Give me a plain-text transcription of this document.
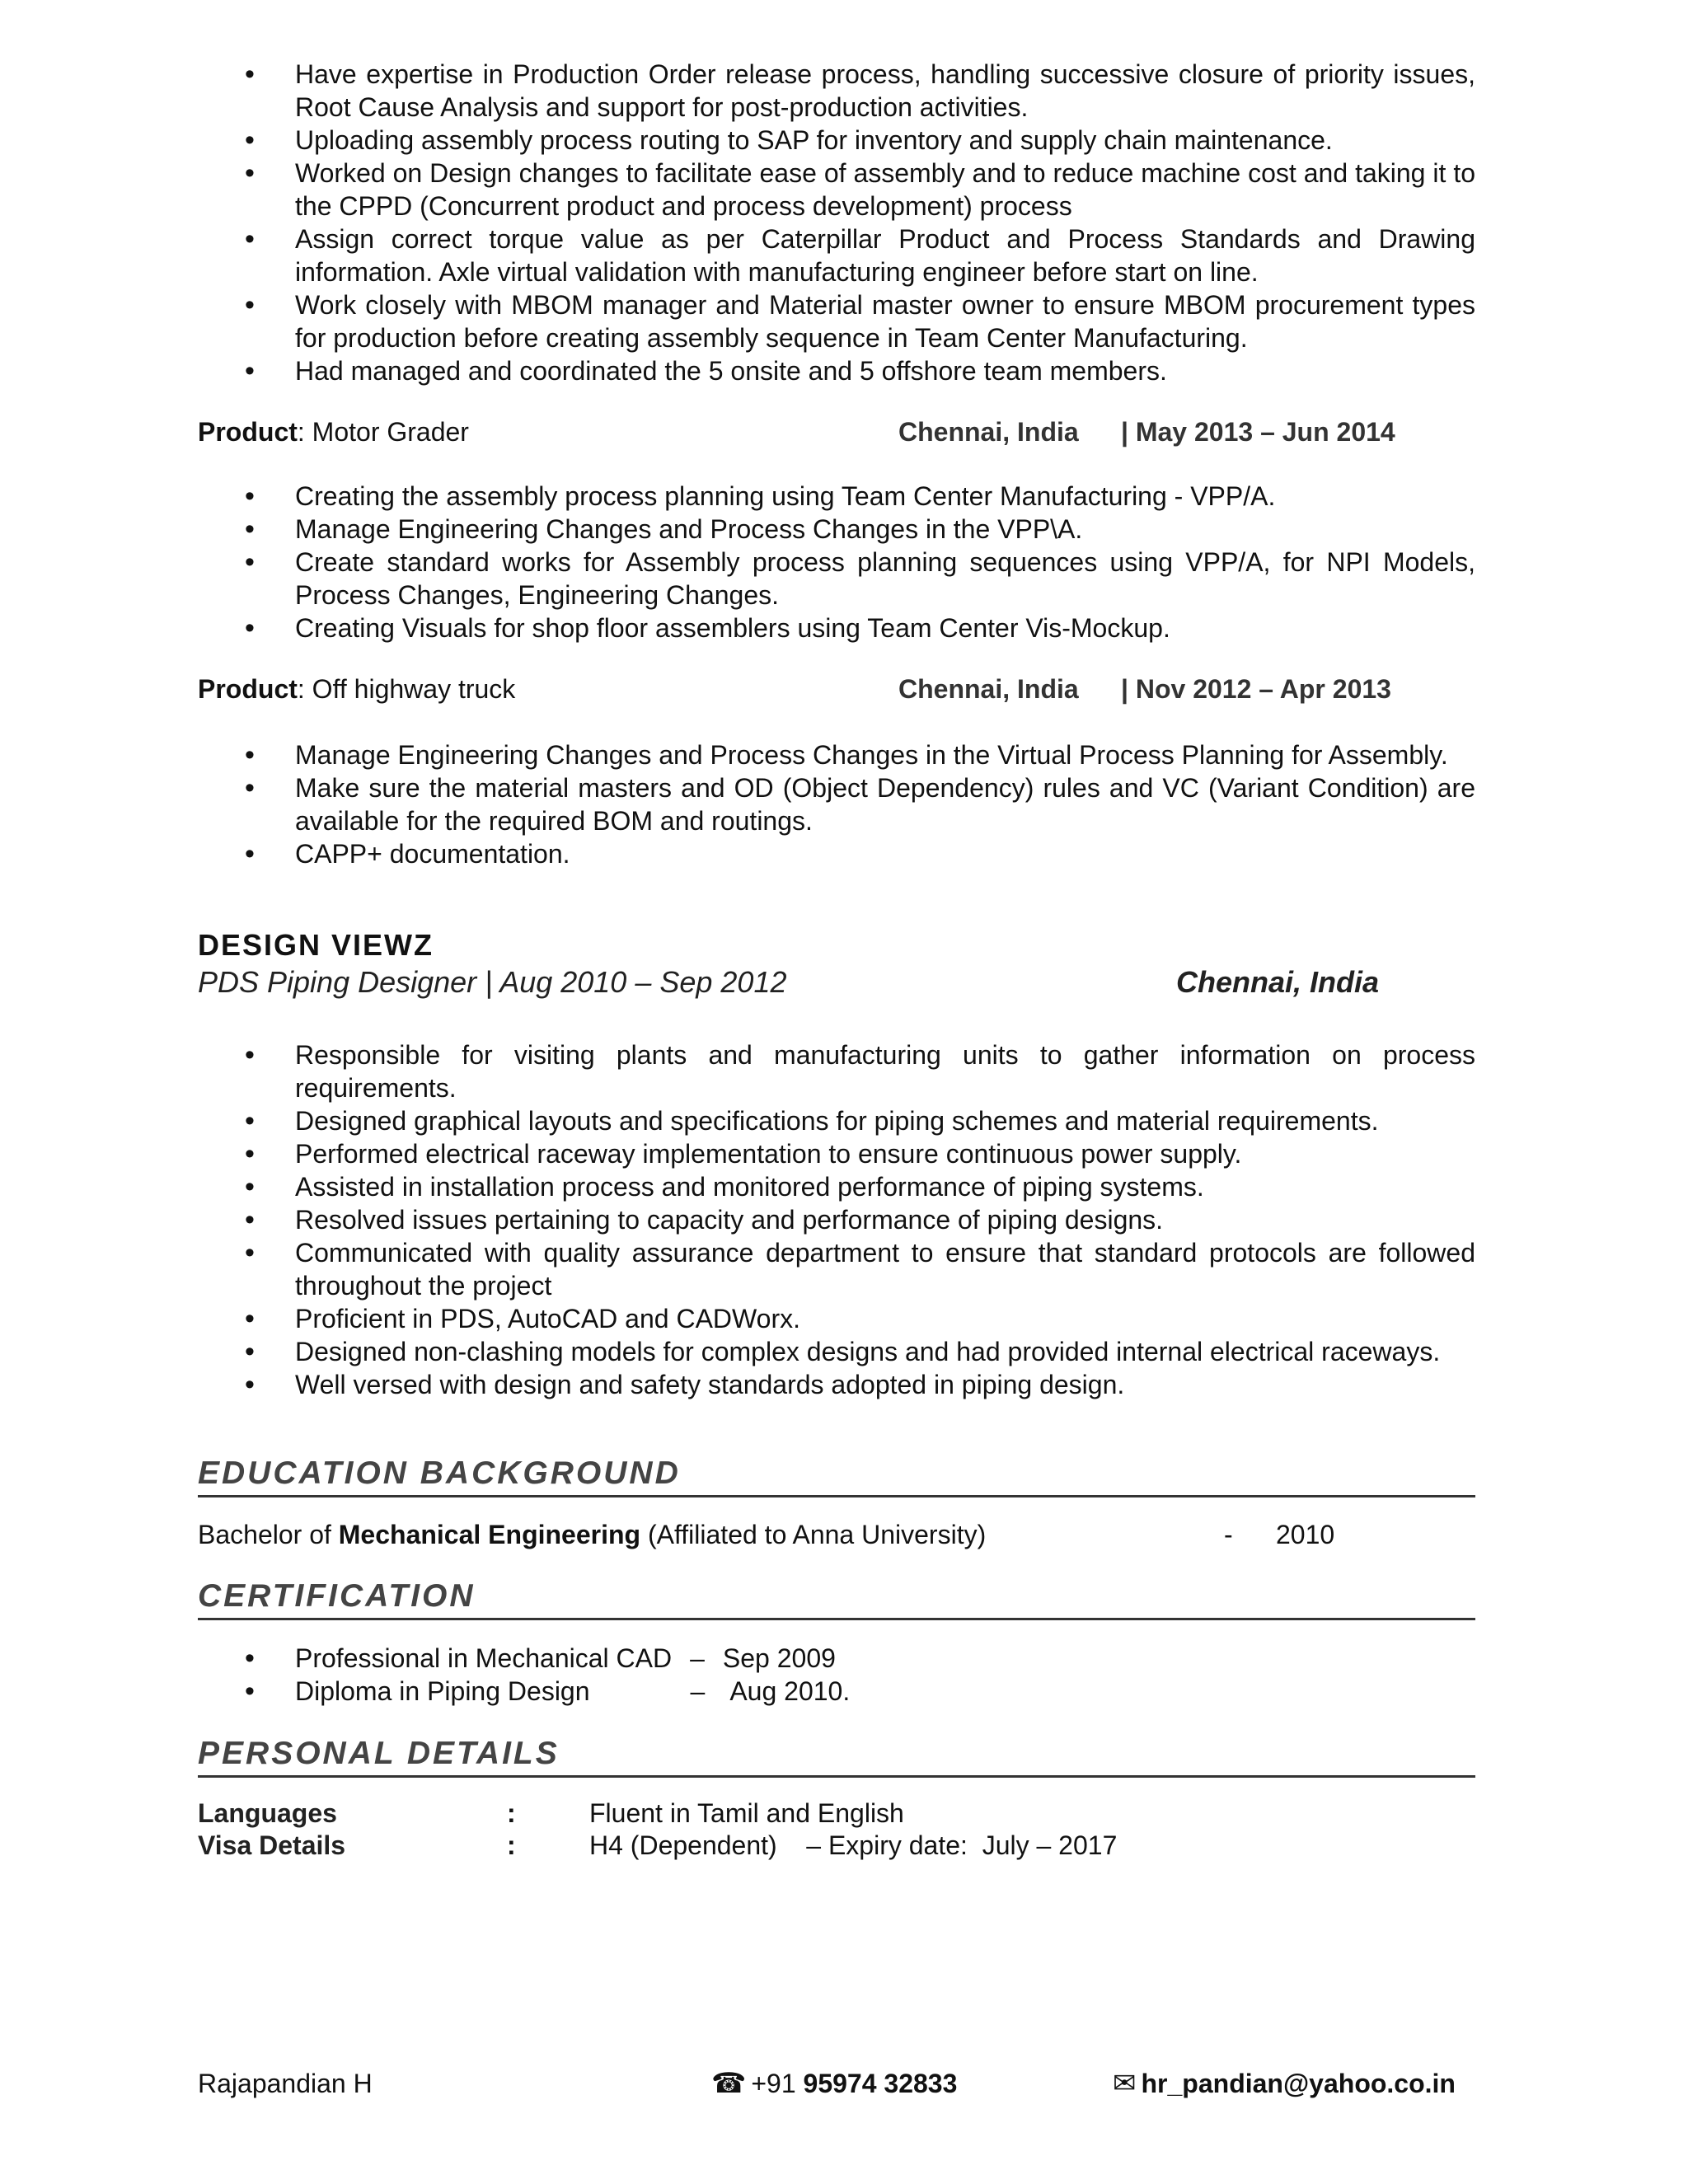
• Have expertise in Production Order release process, handling successive closure of priority issues, Root Cause Analysis and support for post-production activities.
• Uploading assembly process routing to SAP for inventory and supply chain maintenance.
• Worked on Design changes to facilitate ease of assembly and to reduce machine cost and taking it to the CPPD (Concurrent product and process development) process
• Assign correct torque value as per Caterpillar Product and Process Standards and Drawing information. Axle virtual validation with manufacturing engineer before start on line.
• Work closely with MBOM manager and Material master owner to ensure MBOM procurement types for production before creating assembly sequence in Team Center Manufacturing.
• Had managed and coordinated the 5 onsite and 5 offshore team members.
Product: Motor Grader	Chennai, India | May 2013 – Jun 2014
• Creating the assembly process planning using Team Center Manufacturing - VPP/A.
• Manage Engineering Changes and Process Changes in the VPP\A.
• Create standard works for Assembly process planning sequences using VPP/A, for NPI Models, Process Changes, Engineering Changes.
• Creating Visuals for shop floor assemblers using Team Center Vis-Mockup.
Product: Off highway truck	Chennai, India | Nov 2012 – Apr 2013
• Manage Engineering Changes and Process Changes in the Virtual Process Planning for Assembly.
• Make sure the material masters and OD (Object Dependency) rules and VC (Variant Condition) are available for the required BOM and routings.
• CAPP+ documentation.
DESIGN VIEWZ
PDS Piping Designer | Aug 2010 – Sep 2012	Chennai, India
• Responsible for visiting plants and manufacturing units to gather information on process requirements.
• Designed graphical layouts and specifications for piping schemes and material requirements.
• Performed electrical raceway implementation to ensure continuous power supply.
• Assisted in installation process and monitored performance of piping systems.
• Resolved issues pertaining to capacity and performance of piping designs.
• Communicated with quality assurance department to ensure that standard protocols are followed throughout the project
• Proficient in PDS, AutoCAD and CADWorx.
• Designed non-clashing models for complex designs and had provided internal electrical raceways.
• Well versed with design and safety standards adopted in piping design.
EDUCATION BACKGROUND
Bachelor of Mechanical Engineering (Affiliated to Anna University)	- 2010
CERTIFICATION
• Professional in Mechanical CAD – Sep 2009
• Diploma in Piping Design	– Aug 2010.
PERSONAL DETAILS
Languages	:	Fluent in Tamil and English
Visa Details	:	H4 (Dependent)    – Expiry date:  July – 2017
Rajapandian H	☎ +91 95974 32833	✉ hr_pandian@yahoo.co.in
